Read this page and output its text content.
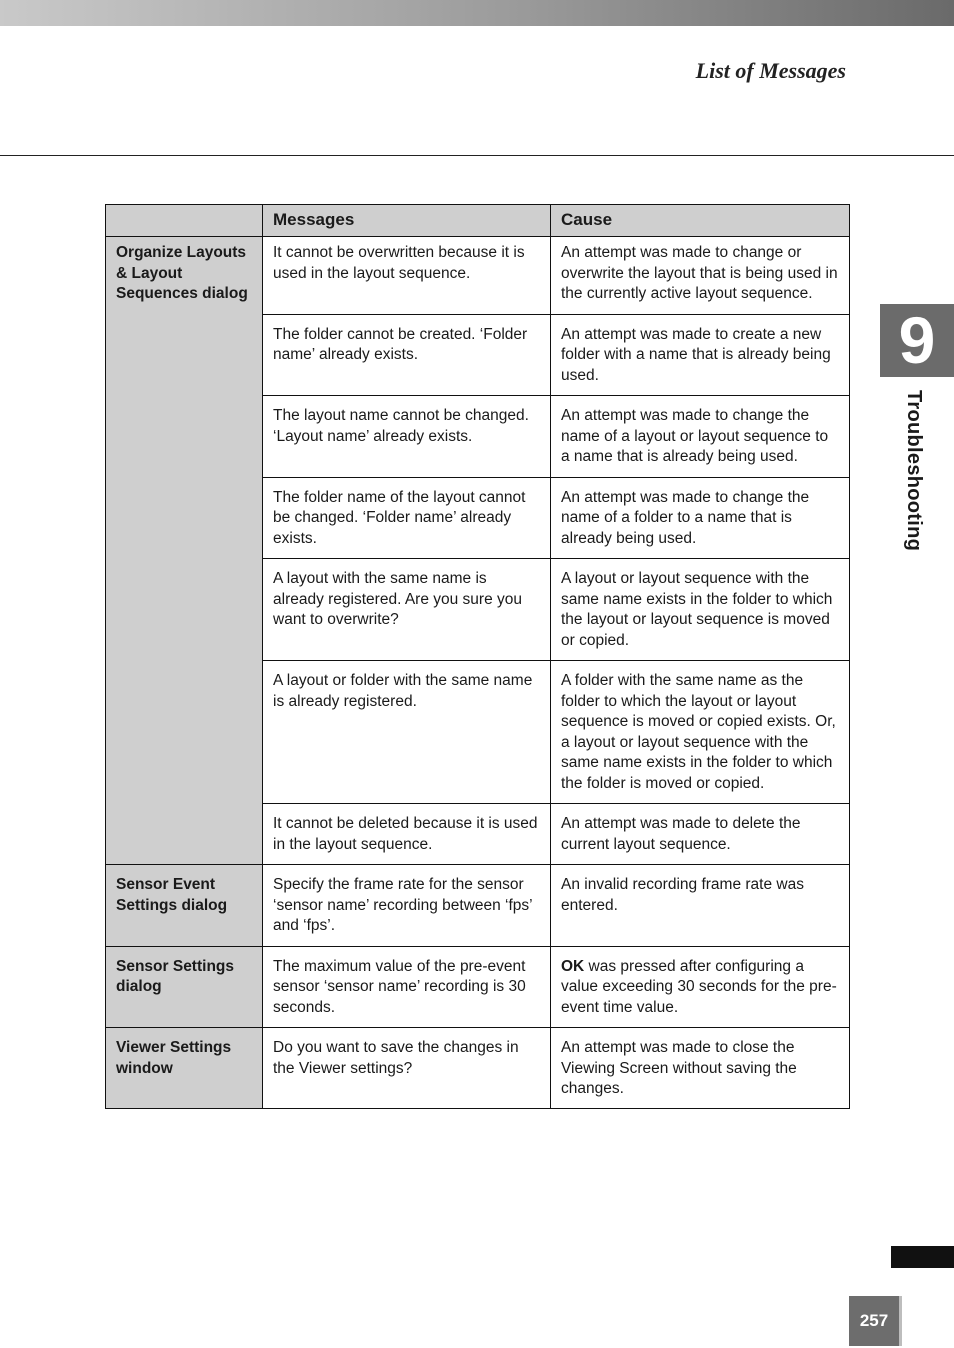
List of Messages
9
Troubleshooting
257
	Messages	Cause
Organize Layouts & Layout Sequences dialog	It cannot be overwritten because it is used in the layout sequence.	An attempt was made to change or overwrite the layout that is being used in the currently active layout sequence.
	The folder cannot be created. ‘Folder name’ already exists.	An attempt was made to create a new folder with a name that is already being used.
	The layout name cannot be changed. ‘Layout name’ already exists.	An attempt was made to change the name of a layout or layout sequence to a name that is already being used.
	The folder name of the layout cannot be changed. ‘Folder name’ already exists.	An attempt was made to change the name of a folder to a name that is already being used.
	A layout with the same name is already registered. Are you sure you want to overwrite?	A layout or layout sequence with the same name exists in the folder to which the layout or layout sequence is moved or copied.
	A layout or folder with the same name is already registered.	A folder with the same name as the folder to which the layout or layout sequence is moved or copied exists. Or, a layout or layout sequence with the same name exists in the folder to which the folder is moved or copied.
	It cannot be deleted because it is used in the layout sequence.	An attempt was made to delete the current layout sequence.
Sensor Event Settings dialog	Specify the frame rate for the sensor ‘sensor name’ recording between ‘fps’ and ‘fps’.	An invalid recording frame rate was entered.
Sensor Settings dialog	The maximum value of the pre-event sensor ‘sensor name’ recording is 30 seconds.	OK was pressed after configuring a value exceeding 30 seconds for the pre-event time value.
Viewer Settings window	Do you want to save the changes in the Viewer settings?	An attempt was made to close the Viewing Screen without saving the changes.
